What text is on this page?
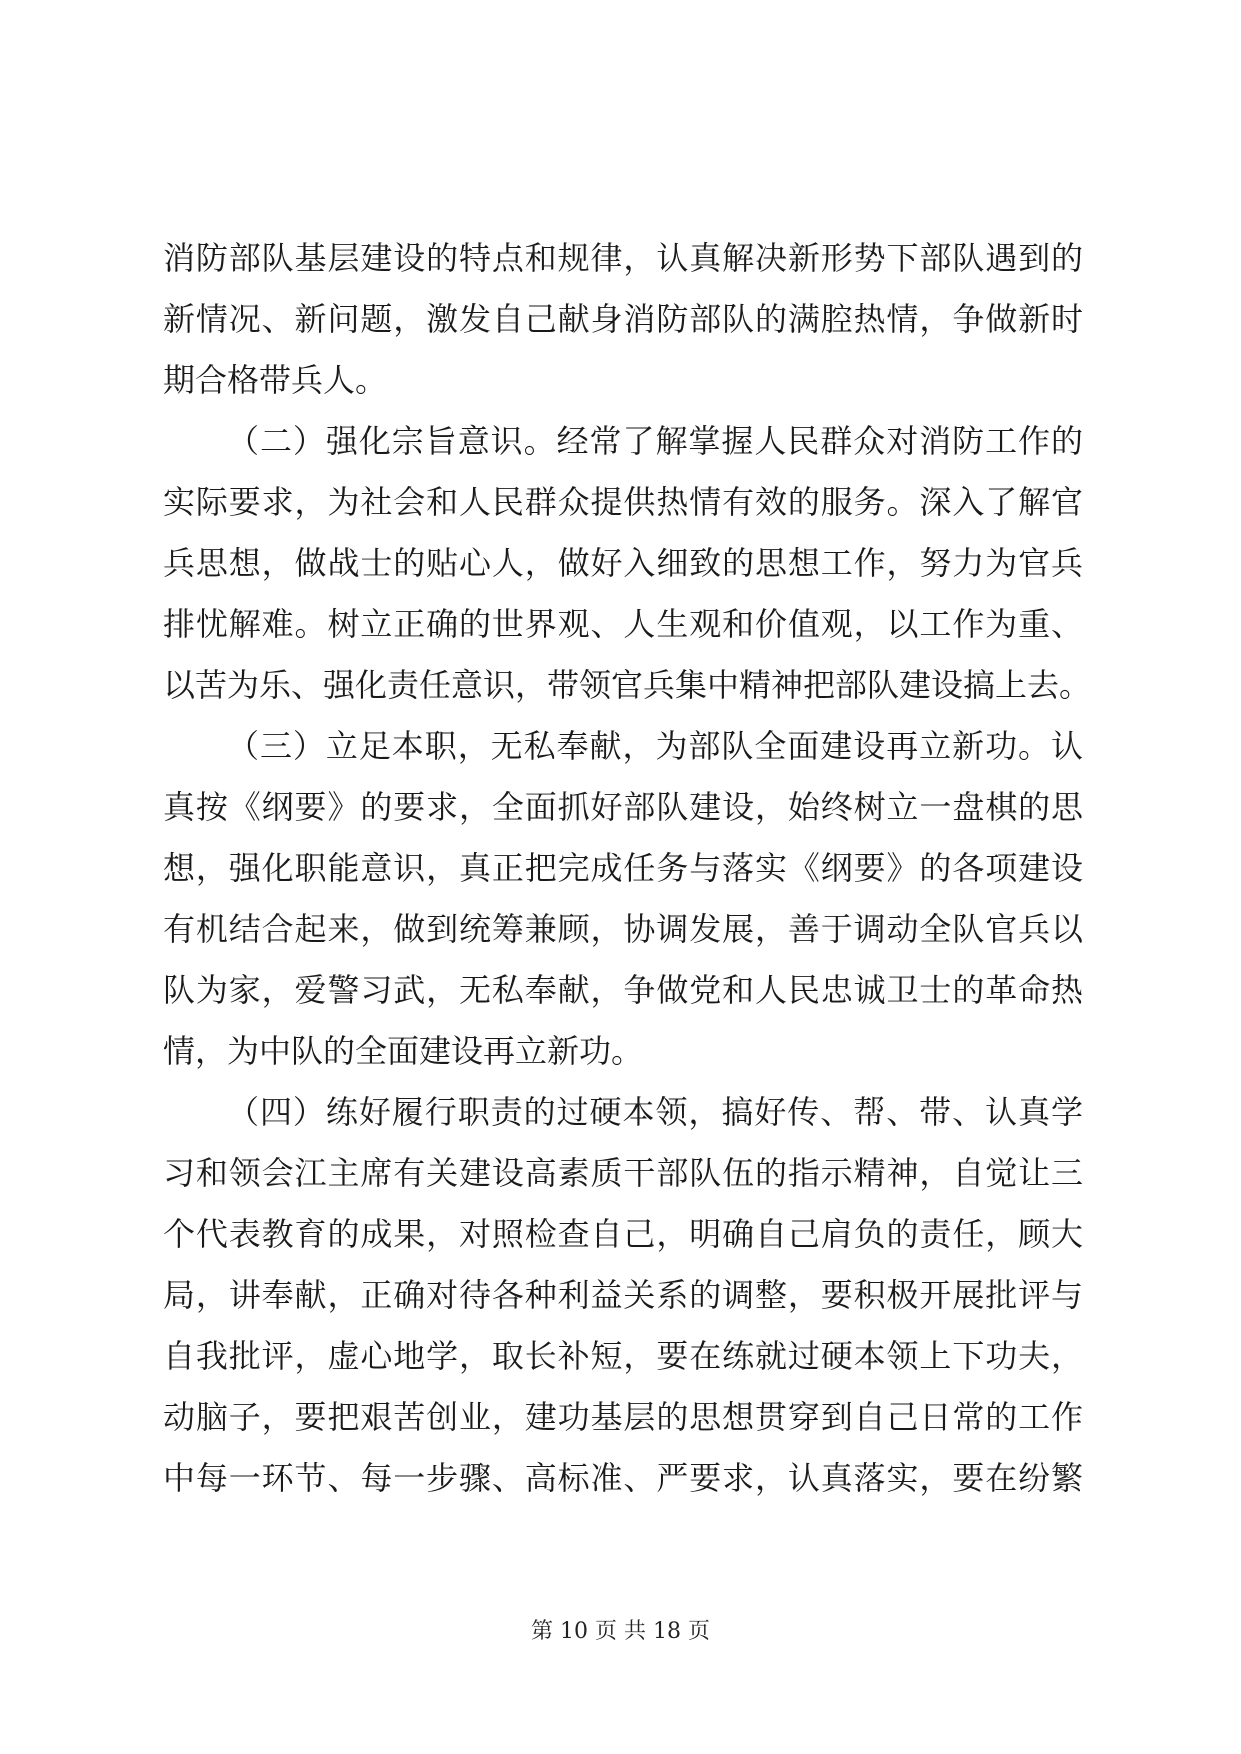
消防部队基层建设的特点和规律，认真解决新形势下部队遇到的
新情况、新问题，激发自己献身消防部队的满腔热情，争做新时
期合格带兵人。
（二）强化宗旨意识。经常了解掌握人民群众对消防工作的
实际要求，为社会和人民群众提供热情有效的服务。深入了解官
兵思想，做战士的贴心人，做好入细致的思想工作，努力为官兵
排忧解难。树立正确的世界观、人生观和价值观，以工作为重、
以苦为乐、强化责任意识，带领官兵集中精神把部队建设搞上去。
（三）立足本职，无私奉献，为部队全面建设再立新功。认
真按《纲要》的要求，全面抓好部队建设，始终树立一盘棋的思
想，强化职能意识，真正把完成任务与落实《纲要》的各项建设
有机结合起来，做到统筹兼顾，协调发展，善于调动全队官兵以
队为家，爱警习武，无私奉献，争做党和人民忠诚卫士的革命热
情，为中队的全面建设再立新功。
（四）练好履行职责的过硬本领，搞好传、帮、带、认真学
习和领会江主席有关建设高素质干部队伍的指示精神，自觉让三
个代表教育的成果，对照检查自己，明确自己肩负的责任，顾大
局，讲奉献，正确对待各种利益关系的调整，要积极开展批评与
自我批评，虚心地学，取长补短，要在练就过硬本领上下功夫，
动脑子，要把艰苦创业，建功基层的思想贯穿到自己日常的工作
中每一环节、每一步骤、高标准、严要求，认真落实，要在纷繁
第 10 页 共 18 页
